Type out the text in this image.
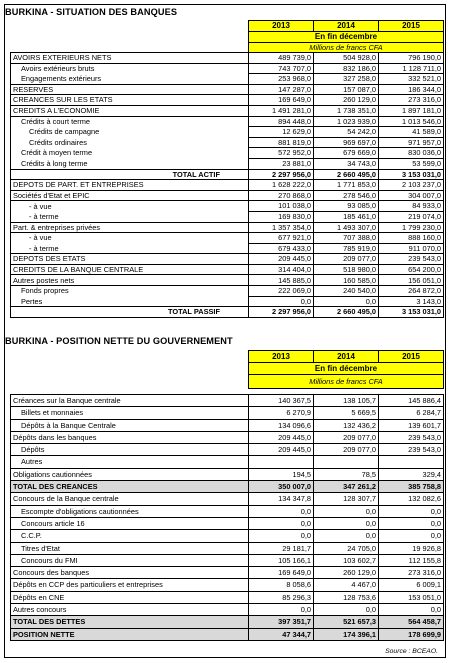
BURKINA - SITUATION DES BANQUES
	2013	2014	2015
	En fin décembre		
	Millions de francs CFA		
AVOIRS EXTERIEURS NETS	489 739,0	504 928,0	796 190,0
Avoirs extérieurs bruts	743 707,0	832 186,0	1 128 711,0
Engagements extérieurs	253 968,0	327 258,0	332 521,0
RESERVES	147 287,0	157 087,0	186 344,0
CREANCES SUR LES ETATS	169 649,0	260 129,0	273 316,0
CREDITS A L'ECONOMIE	1 491 281,0	1 738 351,0	1 897 181,0
Crédits à court terme	894 448,0	1 023 939,0	1 013 546,0
Crédits de campagne	12 629,0	54 242,0	41 589,0
Crédits ordinaires	881 819,0	969 697,0	971 957,0
Crédit à moyen terme	572 952,0	679 669,0	830 036,0
Crédits à long terme	23 881,0	34 743,0	53 599,0
TOTAL ACTIF	2 297 956,0	2 660 495,0	3 153 031,0
DEPOTS DE PART. ET ENTREPRISES	1 628 222,0	1 771 853,0	2 103 237,0
Sociétés d'Etat et EPIC	270 868,0	278 546,0	304 007,0
- à vue	101 038,0	93 085,0	84 933,0
- à terme	169 830,0	185 461,0	219 074,0
Part. & entreprises privées	1 357 354,0	1 493 307,0	1 799 230,0
- à vue	677 921,0	707 388,0	888 160,0
- à terme	679 433,0	785 919,0	911 070,0
DEPOTS DES ETATS	209 445,0	209 077,0	239 543,0
CREDITS DE LA BANQUE CENTRALE	314 404,0	518 980,0	654 200,0
Autres postes nets	145 885,0	160 585,0	156 051,0
Fonds propres	222 069,0	240 540,0	264 872,0
Pertes	0,0	0,0	3 143,0
TOTAL PASSIF	2 297 956,0	2 660 495,0	3 153 031,0
BURKINA - POSITION NETTE DU GOUVERNEMENT
	2013	2014	2015
	En fin décembre		
	Millions de francs CFA		

Créances sur la Banque centrale	140 367,5	138 105,7	145 886,4
Billets et monnaies	6 270,9	5 669,5	6 284,7
Dépôts à la Banque Centrale	134 096,6	132 436,2	139 601,7
Dépôts dans les banques	209 445,0	209 077,0	239 543,0
Dépôts	209 445,0	209 077,0	239 543,0
Autres			
Obligations cautionnées	194,5	78,5	329,4
TOTAL DES CREANCES	350 007,0	347 261,2	385 758,8
Concours de la Banque centrale	134 347,8	128 307,7	132 082,6
Escompte d'obligations cautionnées	0,0	0,0	0,0
Concours article 16	0,0	0,0	0,0
C.C.P.	0,0	0,0	0,0
Titres d'Etat	29 181,7	24 705,0	19 926,8
Concours du FMI	105 166,1	103 602,7	112 155,8
Concours des banques	169 649,0	260 129,0	273 316,0
Dépôts en CCP des particuliers et entreprises	8 058,6	4 467,0	6 009,1
Dépôts en CNE	85 296,3	128 753,6	153 051,0
Autres concours	0,0	0,0	0,0
TOTAL DES DETTES	397 351,7	521 657,3	564 458,7
POSITION NETTE	47 344,7	174 396,1	178 699,9
Source : BCEAO.
